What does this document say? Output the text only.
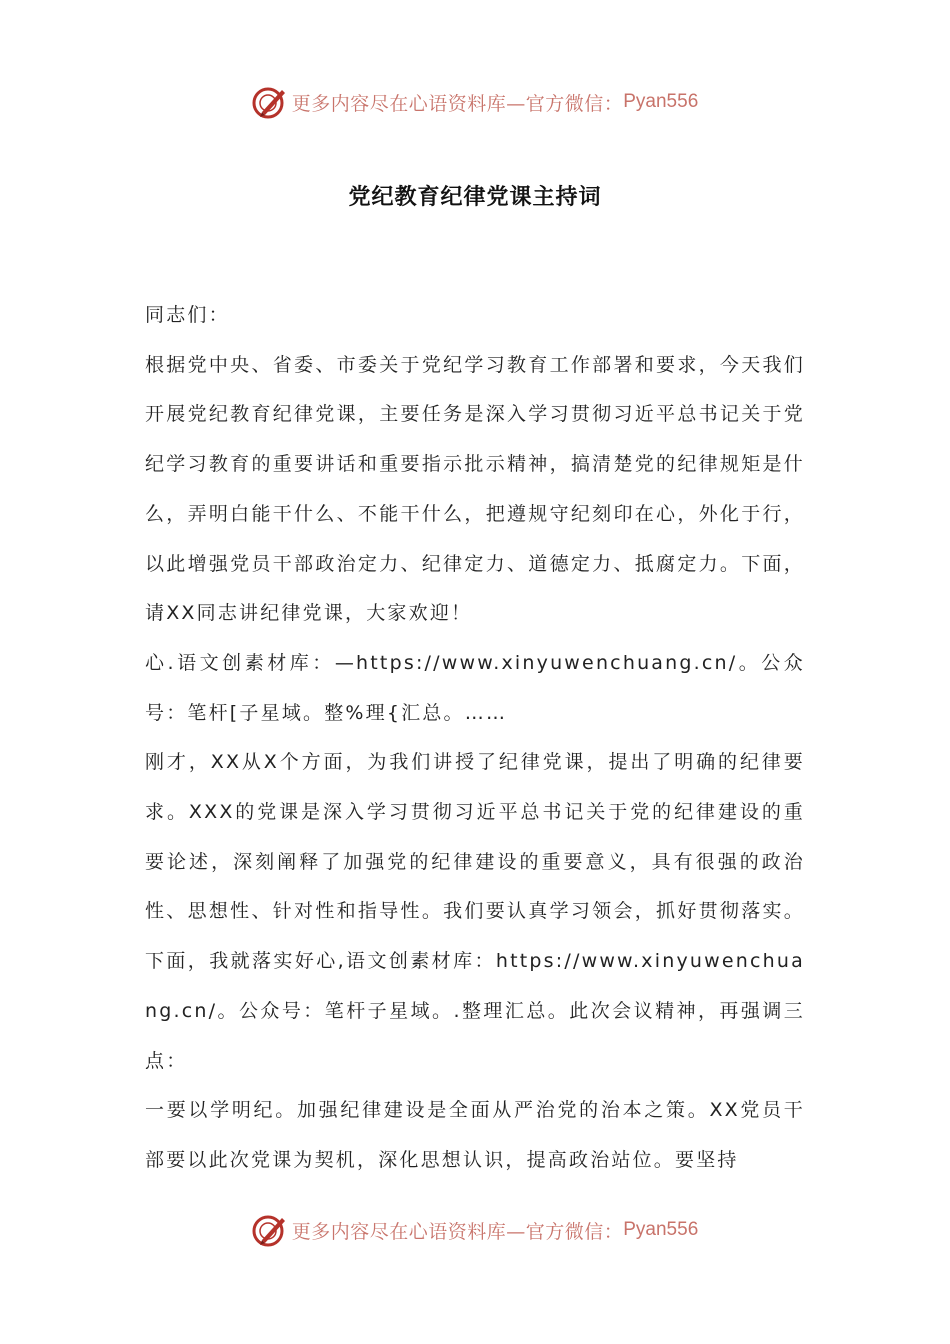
更多内容尽在心语资料库—官方微信： Pyan556
党纪教育纪律党课主持词

同志们：

根据党中央、省委、市委关于党纪学习教育工作部署和要求，今天我们开展党纪教育纪律党课，主要任务是深入学习贯彻习近平总书记关于党纪学习教育的重要讲话和重要指示批示精神，搞清楚党的纪律规矩是什么，弄明白能干什么、不能干什么，把遵规守纪刻印在心，外化于行，以此增强党员干部政治定力、纪律定力、道德定力、抵腐定力。下面，请XX同志讲纪律党课，大家欢迎！

心.语文创素材库：—https://www.xinyuwenchuang.cn/。公众号：笔杆[子星域。整%理{汇总。……

刚才，XX从X个方面，为我们讲授了纪律党课，提出了明确的纪律要求。XXX的党课是深入学习贯彻习近平总书记关于党的纪律建设的重要论述，深刻阐释了加强党的纪律建设的重要意义，具有很强的政治性、思想性、针对性和指导性。我们要认真学习领会，抓好贯彻落实。下面，我就落实好心,语文创素材库：https://www.xinyuwenchuang.cn/。公众号：笔杆子星域。.整理汇总。此次会议精神，再强调三点：

一要以学明纪。加强纪律建设是全面从严治党的治本之策。XX党员干部要以此次党课为契机，深化思想认识，提高政治站位。要坚持

更多内容尽在心语资料库—官方微信： Pyan556
